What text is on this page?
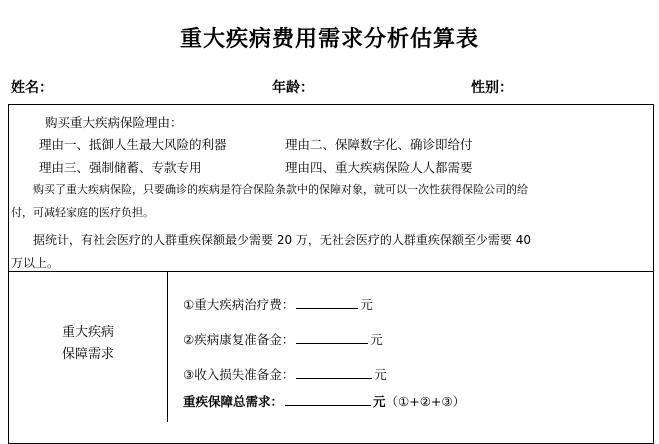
重大疾病费用需求分析估算表
姓名：	年龄：	性别：
购买重大疾病保险理由：
理由一、抵御人生最大风险的利器	理由二、保障数字化、确诊即给付
理由三、强制储蓄、专款专用	理由四、重大疾病保险人人都需要
购买了重大疾病保险，只要确诊的疾病是符合保险条款中的保障对象，就可以一次性获得保险公司的给
付，可减轻家庭的医疗负担。
据统计，有社会医疗的人群重疾保额最少需要 20 万，无社会医疗的人群重疾保额至少需要 40
万以上。
重大疾病
保障需求
①重大疾病治疗费：	元
②疾病康复准备金：	元
③收入损失准备金：	元
重疾保障总需求：	元（①+②+③）
